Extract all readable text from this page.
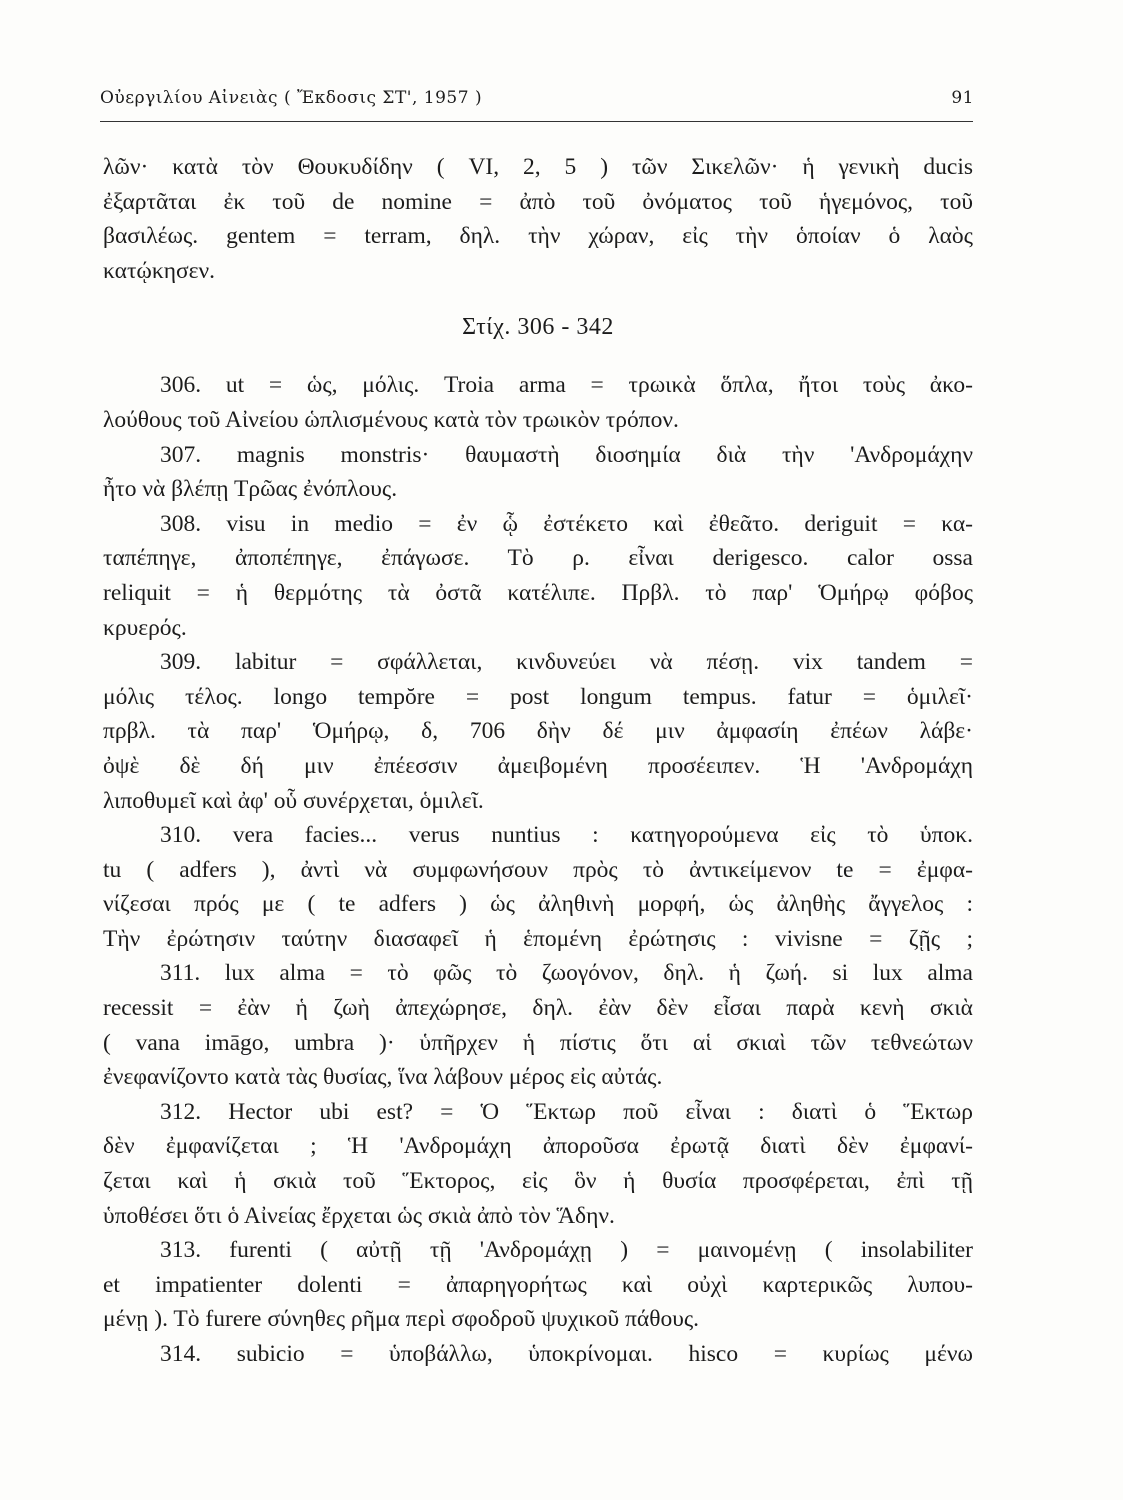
Οὐεργιλίου Αἰνειὰς ( Ἔκδοσις ΣΤ', 1957 )	91
λῶν· κατὰ τὸν Θουκυδίδην ( VI, 2, 5 ) τῶν Σικελῶν· ἡ γενικὴ ducis
ἐξαρτᾶται ἐκ τοῦ de nomine = ἀπὸ τοῦ ὀνόματος τοῦ ἡγεμόνος, τοῦ
βασιλέως. gentem = terram, δηλ. τὴν χώραν, εἰς τὴν ὁποίαν ὁ λαὸς
κατῴκησεν.
Στίχ. 306 - 342
306. ut = ὡς, μόλις. Troia arma = τρωικὰ ὅπλα, ἤτοι τοὺς ἀκο-
λούθους τοῦ Αἰνείου ὡπλισμένους κατὰ τὸν τρωικὸν τρόπον.
307. magnis monstris· θαυμαστὴ διοσημία διὰ τὴν 'Ανδρομάχην
ἦτο νὰ βλέπῃ Τρῶας ἐνόπλους.
308. visu in medio = ἐν ᾧ ἐστέκετο καὶ ἐθεᾶτο. deriguit = κα-
ταπέπηγε, ἀποπέπηγε, ἐπάγωσε. Τὸ ρ. εἶναι derigesco. calor ossa
reliquit = ἡ θερμότης τὰ ὀστᾶ κατέλιπε. Πρβλ. τὸ παρ' Ὁμήρῳ φόβος
κρυερός.
309. labitur = σφάλλεται, κινδυνεύει νὰ πέσῃ. vix tandem =
μόλις τέλος. longo tempŏre = post longum tempus. fatur = ὁμιλεῖ·
πρβλ. τὰ παρ' Ὁμήρῳ, δ, 706 δὴν δέ μιν ἀμφασίη ἐπέων λάβε·
ὀψὲ δὲ δή μιν ἐπέεσσιν ἀμειβομένη προσέειπεν. Ἡ 'Ανδρομάχη
λιποθυμεῖ καὶ ἀφ' οὗ συνέρχεται, ὁμιλεῖ.
310. vera facies... verus nuntius : κατηγορούμενα εἰς τὸ ὑποκ.
tu ( adfers ), ἀντὶ νὰ συμφωνήσουν πρὸς τὸ ἀντικείμενον te = ἐμφα-
νίζεσαι πρός με ( te adfers ) ὡς ἀληθινὴ μορφή, ὡς ἀληθὴς ἄγγελος :
Τὴν ἐρώτησιν ταύτην διασαφεῖ ἡ ἑπομένη ἐρώτησις : vivisne = ζῇς ;
311. lux alma = τὸ φῶς τὸ ζωογόνον, δηλ. ἡ ζωή. si lux alma
recessit = ἐὰν ἡ ζωὴ ἀπεχώρησε, δηλ. ἐὰν δὲν εἶσαι παρὰ κενὴ σκιὰ
( vana imāgo, umbra )· ὑπῆρχεν ἡ πίστις ὅτι αἱ σκιαὶ τῶν τεθνεώτων
ἐνεφανίζοντο κατὰ τὰς θυσίας, ἵνα λάβουν μέρος εἰς αὐτάς.
312. Hector ubi est? = Ὁ Ἕκτωρ ποῦ εἶναι : διατὶ ὁ Ἕκτωρ
δὲν ἐμφανίζεται ; Ἡ 'Ανδρομάχη ἀποροῦσα ἐρωτᾷ διατὶ δὲν ἐμφανί-
ζεται καὶ ἡ σκιὰ τοῦ Ἕκτορος, εἰς ὃν ἡ θυσία προσφέρεται, ἐπὶ τῇ
ὑποθέσει ὅτι ὁ Αἰνείας ἔρχεται ὡς σκιὰ ἀπὸ τὸν Ἅδην.
313. furenti ( αὐτῇ τῇ 'Ανδρομάχῃ ) = μαινομένῃ ( insolabiliter
et impatienter dolenti = ἀπαρηγορήτως καὶ οὐχὶ καρτερικῶς λυπου-
μένῃ ). Τὸ furere σύνηθες ρῆμα περὶ σφοδροῦ ψυχικοῦ πάθους.
314. subicio = ὑποβάλλω, ὑποκρίνομαι. hisco = κυρίως μένω
